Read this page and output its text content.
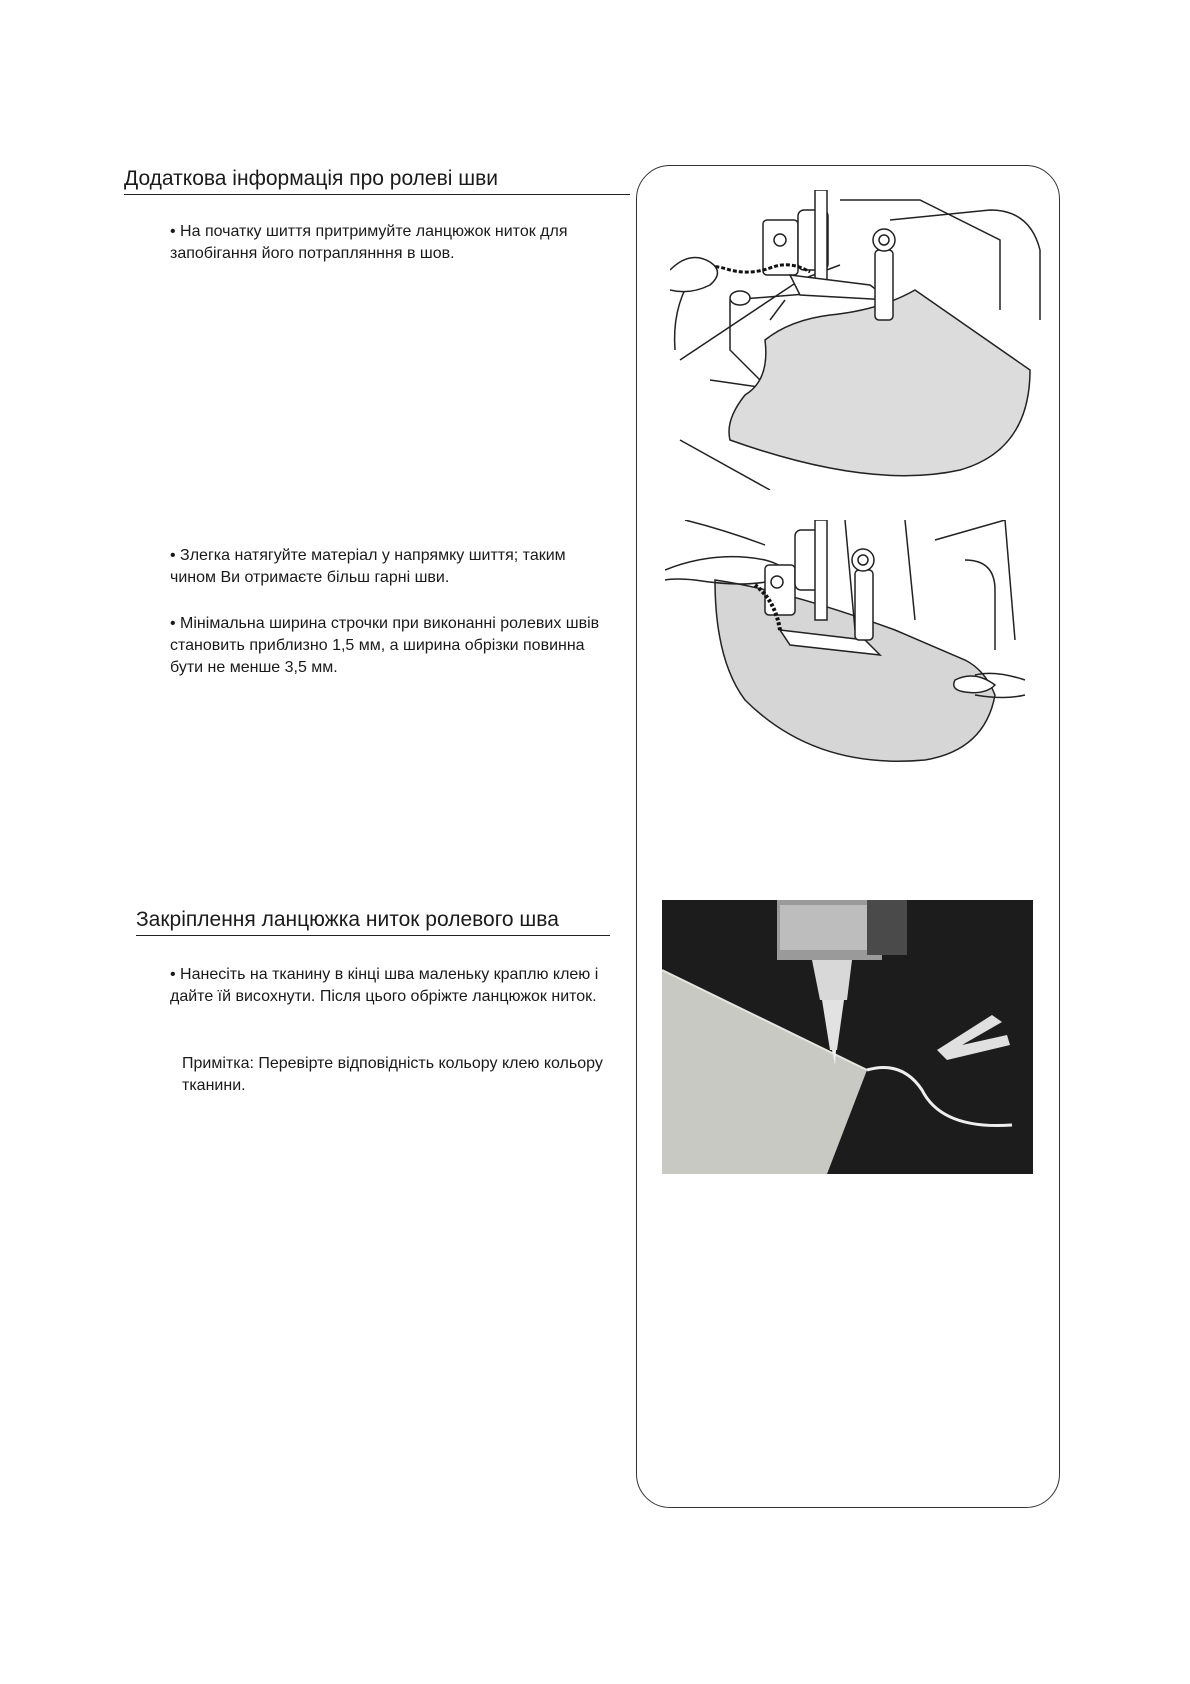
Додаткова інформація про ролеві шви
• На початку шиття притримуйте ланцюжок ниток для запобігання його потраплянння в шов.
• Злегка натягуйте матеріал у напрямку шиття; таким чином Ви отримаєте більш гарні шви.
• Мінімальна ширина строчки при виконанні ролевих швів становить приблизно 1,5 мм, а ширина обрізки повинна бути не менше 3,5 мм.
Закріплення ланцюжка ниток ролевого шва
• Нанесіть на тканину в кінці шва маленьку краплю клею і дайте їй висохнути. Після цього обріжте ланцюжок ниток.
Примітка: Перевірте відповідність кольору клею кольору тканини.
